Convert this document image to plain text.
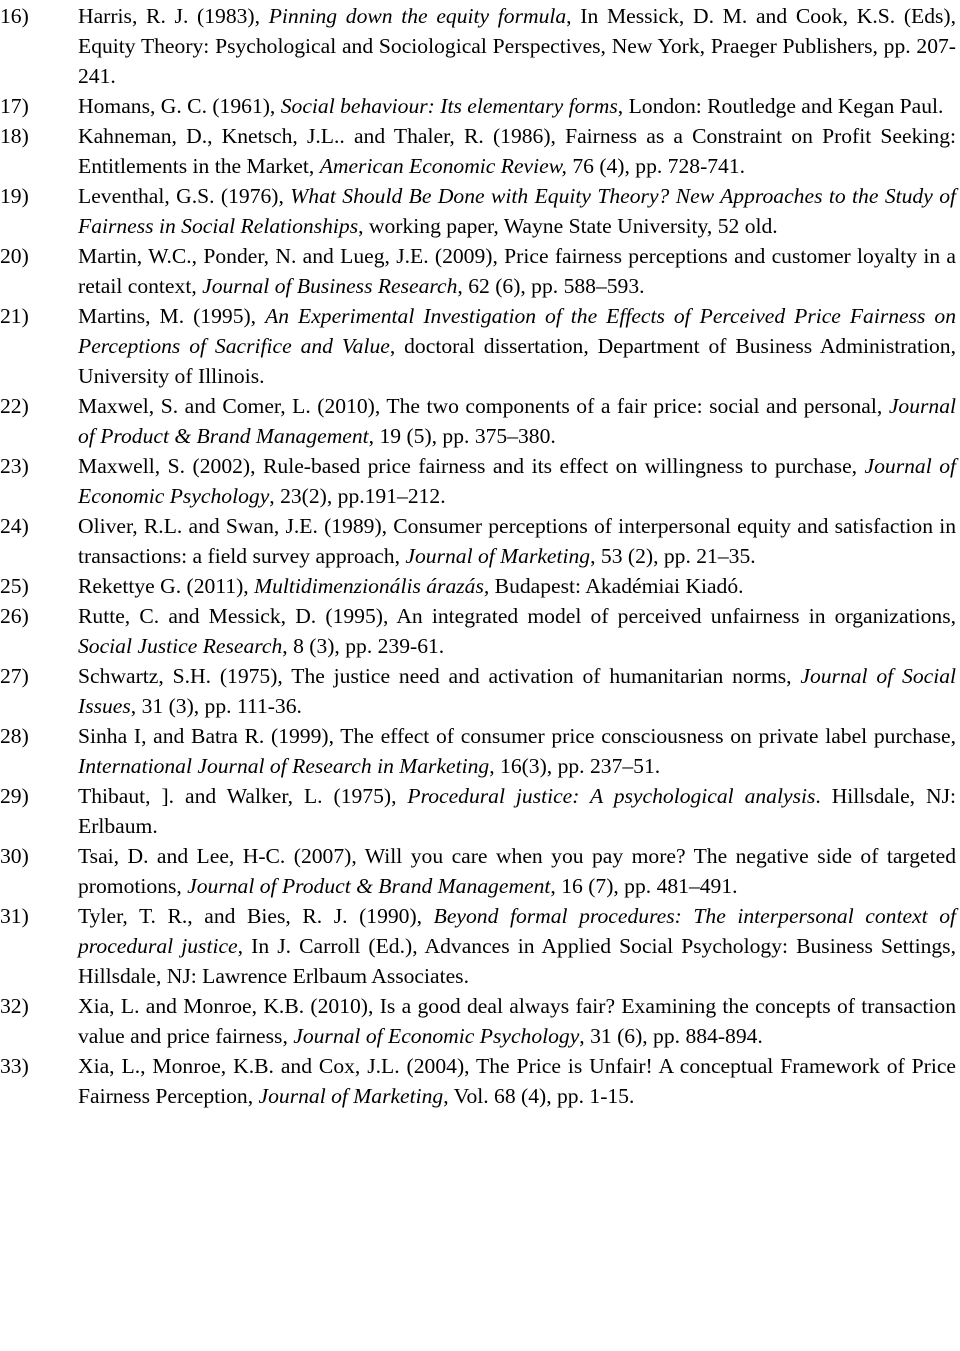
16)	Harris, R. J. (1983), Pinning down the equity formula, In Messick, D. M. and Cook, K.S. (Eds), Equity Theory: Psychological and Sociological Perspectives, New York, Praeger Publishers, pp. 207-241.
17)	Homans, G. C. (1961), Social behaviour: Its elementary forms, London: Routledge and Kegan Paul.
18)	Kahneman, D., Knetsch, J.L.. and Thaler, R. (1986), Fairness as a Constraint on Profit Seeking: Entitlements in the Market, American Economic Review, 76 (4), pp. 728-741.
19)	Leventhal, G.S. (1976), What Should Be Done with Equity Theory? New Approaches to the Study of Fairness in Social Relationships, working paper, Wayne State University, 52 old.
20)	Martin, W.C., Ponder, N. and Lueg, J.E. (2009), Price fairness perceptions and customer loyalty in a retail context, Journal of Business Research, 62 (6), pp. 588–593.
21)	Martins, M. (1995), An Experimental Investigation of the Effects of Perceived Price Fairness on Perceptions of Sacrifice and Value, doctoral dissertation, Department of Business Administration, University of Illinois.
22)	Maxwel, S. and Comer, L. (2010), The two components of a fair price: social and personal, Journal of Product & Brand Management, 19 (5), pp. 375–380.
23)	Maxwell, S. (2002), Rule-based price fairness and its effect on willingness to purchase, Journal of Economic Psychology, 23(2), pp.191–212.
24)	Oliver, R.L. and Swan, J.E. (1989), Consumer perceptions of interpersonal equity and satisfaction in transactions: a field survey approach, Journal of Marketing, 53 (2), pp. 21–35.
25)	Rekettye G. (2011), Multidimenzionális árazás, Budapest: Akadémiai Kiadó.
26)	Rutte, C. and Messick, D. (1995), An integrated model of perceived unfairness in organizations, Social Justice Research, 8 (3), pp. 239-61.
27)	Schwartz, S.H. (1975), The justice need and activation of humanitarian norms, Journal of Social Issues, 31 (3), pp. 111-36.
28)	Sinha I, and Batra R. (1999), The effect of consumer price consciousness on private label purchase, International Journal of Research in Marketing, 16(3), pp. 237–51.
29)	Thibaut, ]. and Walker, L. (1975), Procedural justice: A psychological analysis. Hillsdale, NJ: Erlbaum.
30)	Tsai, D. and Lee, H-C. (2007), Will you care when you pay more? The negative side of targeted promotions, Journal of Product & Brand Management, 16 (7), pp. 481–491.
31)	Tyler, T. R., and Bies, R. J. (1990), Beyond formal procedures: The interpersonal context of procedural justice, In J. Carroll (Ed.), Advances in Applied Social Psychology: Business Settings, Hillsdale, NJ: Lawrence Erlbaum Associates.
32)	Xia, L. and Monroe, K.B. (2010), Is a good deal always fair? Examining the concepts of transaction value and price fairness, Journal of Economic Psychology, 31 (6), pp. 884-894.
33)	Xia, L., Monroe, K.B. and Cox, J.L. (2004), The Price is Unfair! A conceptual Framework of Price Fairness Perception, Journal of Marketing, Vol. 68 (4), pp. 1-15.
